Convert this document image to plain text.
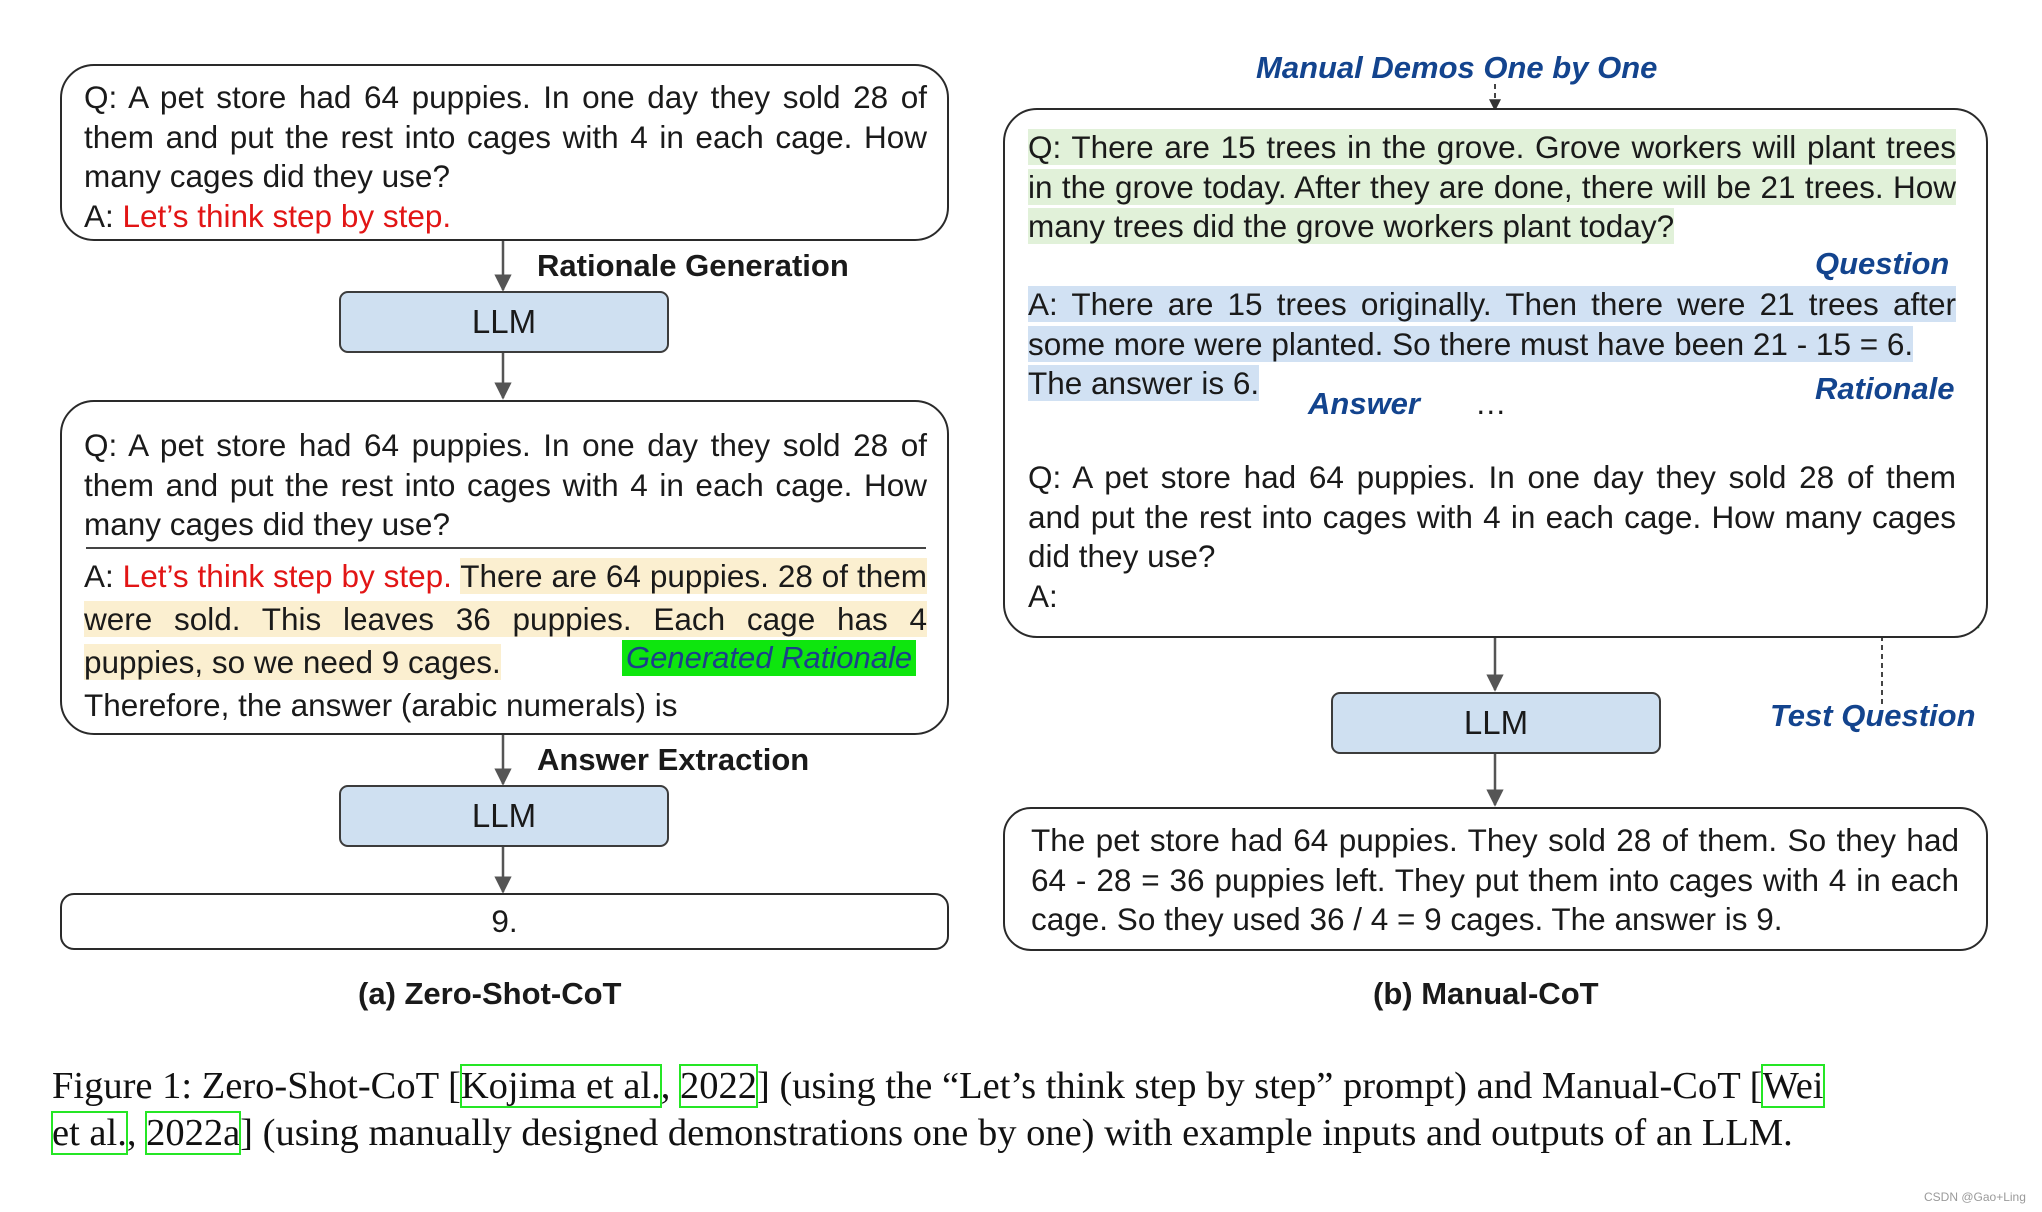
Q: A pet store had 64 puppies. In one day they sold 28 of them and put the rest into cages with 4 in each cage. How many cages did they use?
A: Let’s think step by step.
Rationale Generation
LLM
Q: A pet store had 64 puppies. In one day they sold 28 of them and put the rest into cages with 4 in each cage. How many cages did they use?
A: Let’s think step by step. There are 64 puppies. 28 of them were sold. This leaves 36 puppies. Each cage has 4 puppies, so we need 9 cages.
Therefore, the answer (arabic numerals) is
Generated Rationale
Answer Extraction
LLM
9.
(a) Zero-Shot-CoT
Manual Demos One by One
Q: There are 15 trees in the grove. Grove workers will plant trees in the grove today. After they are done, there will be 21 trees. How many trees did the grove workers plant today?
Question
A: There are 15 trees originally. Then there were 21 trees after some more were planted. So there must have been 21 - 15 = 6.
The answer is 6.
Answer …	Rationale
Q: A pet store had 64 puppies. In one day they sold 28 of them and put the rest into cages with 4 in each cage. How many cages did they use?
A:
LLM	Test Question
The pet store had 64 puppies. They sold 28 of them. So they had 64 - 28 = 36 puppies left. They put them into cages with 4 in each cage. So they used 36 / 4 = 9 cages. The answer is 9.
(b) Manual-CoT
Figure 1: Zero-Shot-CoT [Kojima et al., 2022] (using the “Let’s think step by step” prompt) and Manual-CoT [Wei
et al., 2022a] (using manually designed demonstrations one by one) with example inputs and outputs of an LLM.
CSDN @Gao+Ling
